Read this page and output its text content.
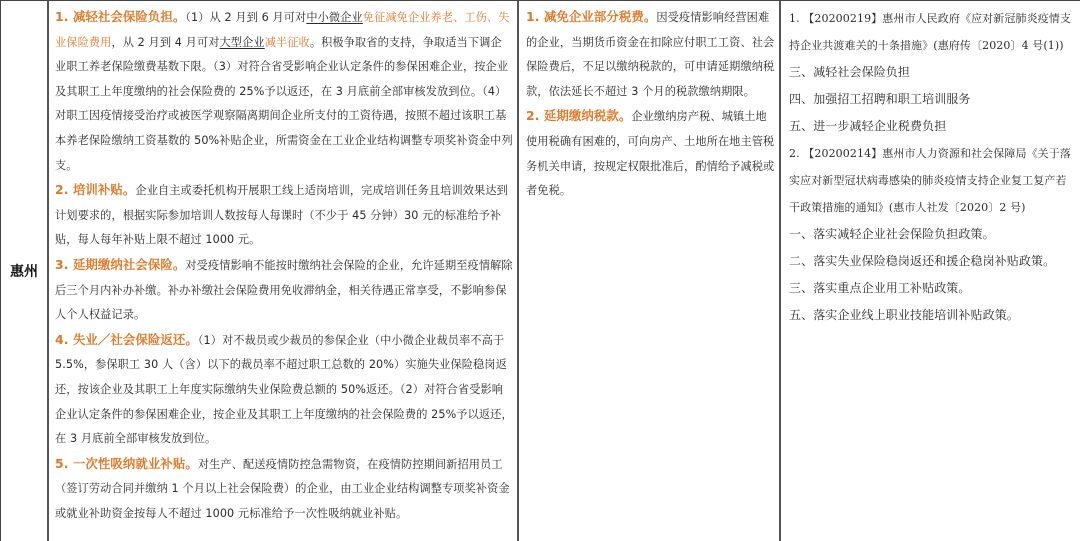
惠州

1. 减轻社会保险负担。（1）从 2 月到 6 月可对中小微企业免征减免企业养老、工伤、失业保险费用，从 2 月到 4 月可对大型企业减半征收。积极争取省的支持，争取适当下调企业职工养老保险缴费基数下限。（3）对符合省受影响企业认定条件的参保困难企业，按企业及其职工上年度缴纳的社会保险费的 25%予以返还，在 3 月底前全部审核发放到位。（4）对职工因疫情接受治疗或被医学观察隔离期间企业所支付的工资待遇，按照不超过该职工基本养老保险缴纳工资基数的 50%补贴企业，所需资金在工业企业结构调整专项奖补资金中列支。

2. 培训补贴。企业自主或委托机构开展职工线上适岗培训，完成培训任务且培训效果达到计划要求的，根据实际参加培训人数按每人每课时（不少于 45 分钟）30 元的标准给予补贴，每人每年补贴上限不超过 1000 元。

3. 延期缴纳社会保险。对受疫情影响不能按时缴纳社会保险的企业，允许延期至疫情解除后三个月内补办补缴。补办补缴社会保险费用免收滞纳金，相关待遇正常享受，不影响参保人个人权益记录。

4. 失业／社会保险返还。（1）对不裁员或少裁员的参保企业（中小微企业裁员率不高于 5.5%，参保职工 30 人（含）以下的裁员率不超过职工总数的 20%）实施失业保险稳岗返还，按该企业及其职工上年度实际缴纳失业保险费总额的 50%返还。（2）对符合省受影响企业认定条件的参保困难企业，按企业及其职工上年度缴纳的社会保险费的 25%予以返还，在 3 月底前全部审核发放到位。

5. 一次性吸纳就业补贴。对生产、配送疫情防控急需物资，在疫情防控期间新招用员工（签订劳动合同并缴纳 1 个月以上社会保险费）的企业，由工业企业结构调整专项奖补资金或就业补助资金按每人不超过 1000 元标准给予一次性吸纳就业补贴。

1. 减免企业部分税费。因受疫情影响经营困难的企业，当期货币资金在扣除应付职工工资、社会保险费后，不足以缴纳税款的，可申请延期缴纳税款，依法延长不超过 3 个月的税款缴纳期限。

2. 延期缴纳税款。企业缴纳房产税、城镇土地使用税确有困难的，可向房产、土地所在地主管税务机关申请，按规定权限批准后，酌情给予减税或者免税。

1. 【20200219】惠州市人民政府《应对新冠肺炎疫情支持企业共渡难关的十条措施》(惠府传〔2020〕4 号(1))

三、减轻社会保险负担

四、加强招工招聘和职工培训服务

五、进一步减轻企业税费负担

2. 【20200214】惠州市人力资源和社会保障局《关于落实应对新型冠状病毒感染的肺炎疫情支持企业复工复产若干政策措施的通知》(惠市人社发〔2020〕2 号)

一、落实减轻企业社会保险负担政策。

二、落实失业保险稳岗返还和援企稳岗补贴政策。

三、落实重点企业用工补贴政策。

五、落实企业线上职业技能培训补贴政策。
